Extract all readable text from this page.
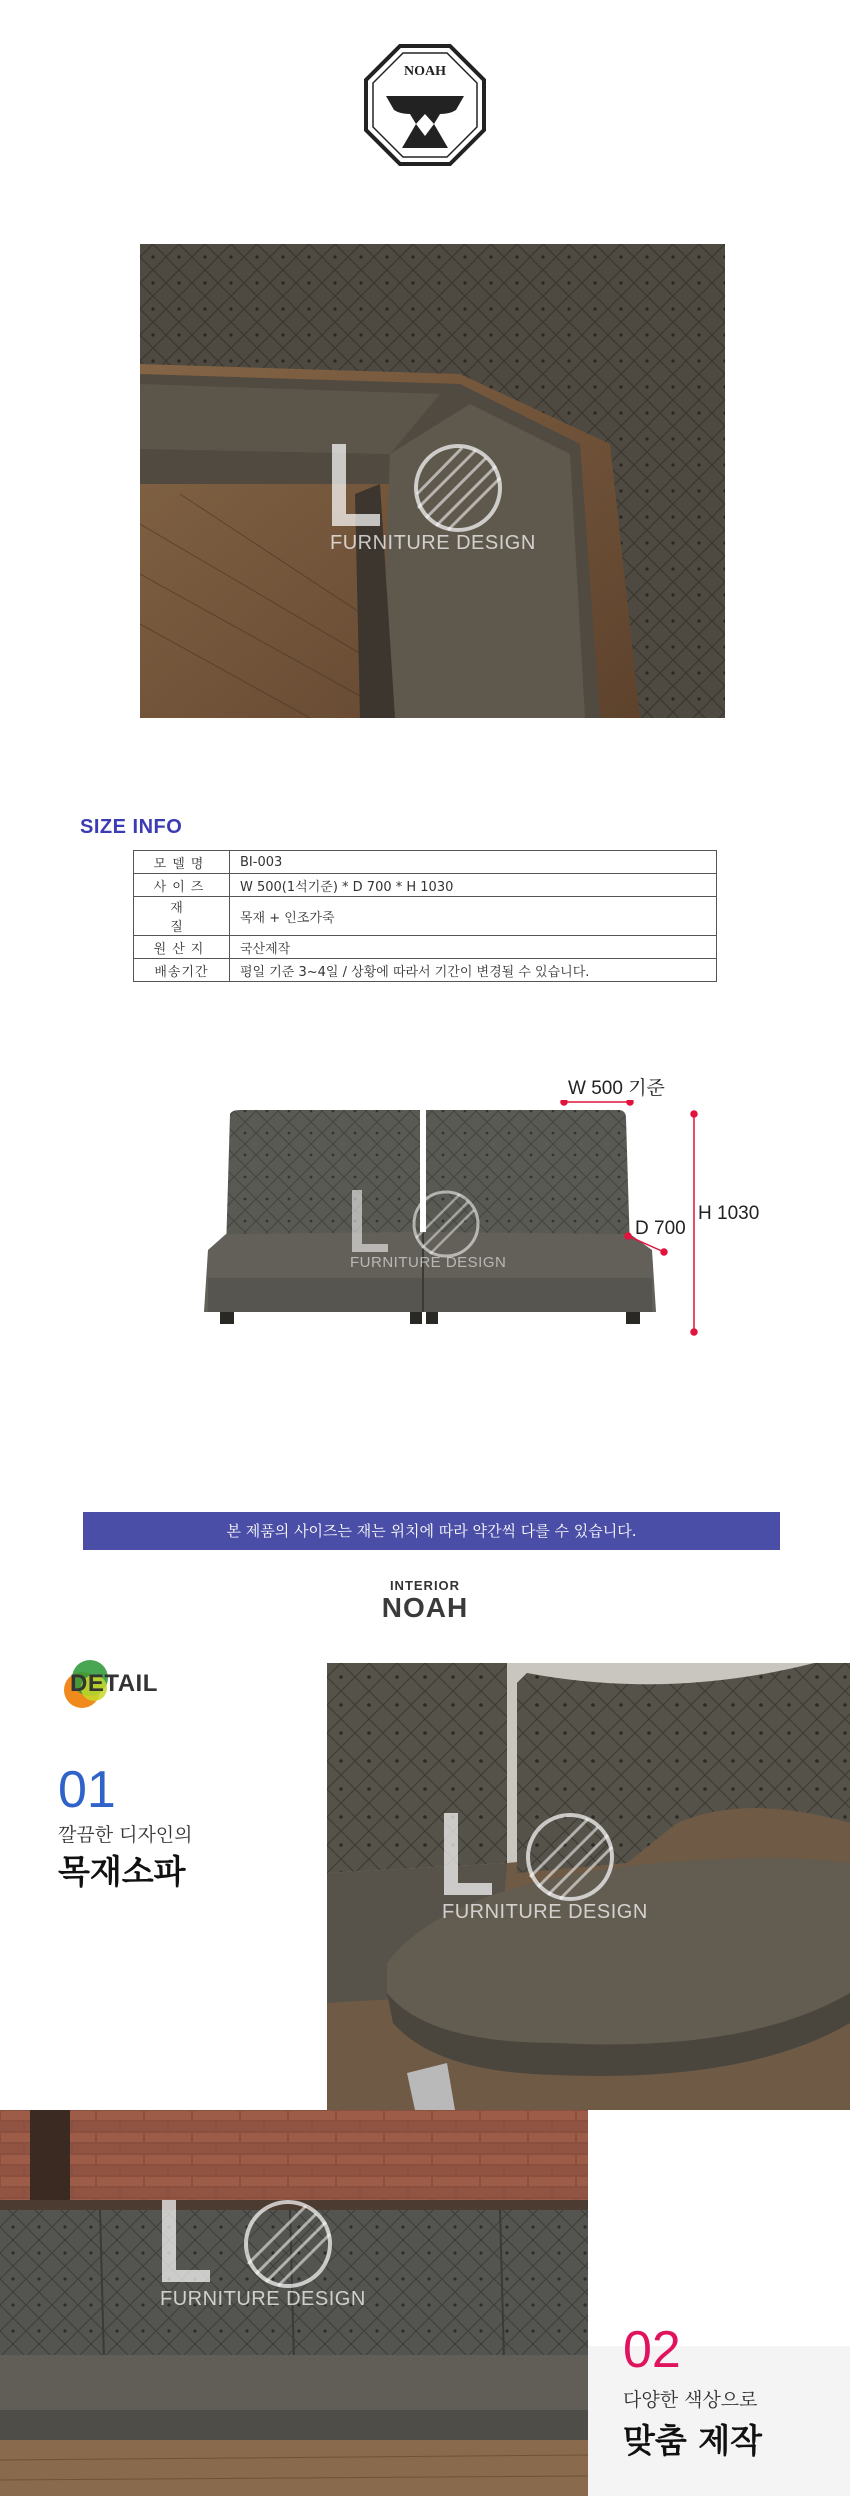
NOAH
FURNITURE DESIGN
SIZE INFO
모델명	BI-003
사이즈	W 500(1석기준) * D 700 * H 1030
재질	목재 + 인조가죽
원산지	국산제작
배송기간	평일 기준 3~4일 / 상황에 따라서 기간이 변경될 수 있습니다.
FURNITURE DESIGN
W 500 기준
D 700
H 1030
본 제품의 사이즈는 재는 위치에 따라 약간씩 다를 수 있습니다.
INTERIOR
NOAH
DETAIL
01
깔끔한 디자인의
목재소파
FURNITURE DESIGN
FURNITURE DESIGN
02
다양한 색상으로
맞춤 제작
